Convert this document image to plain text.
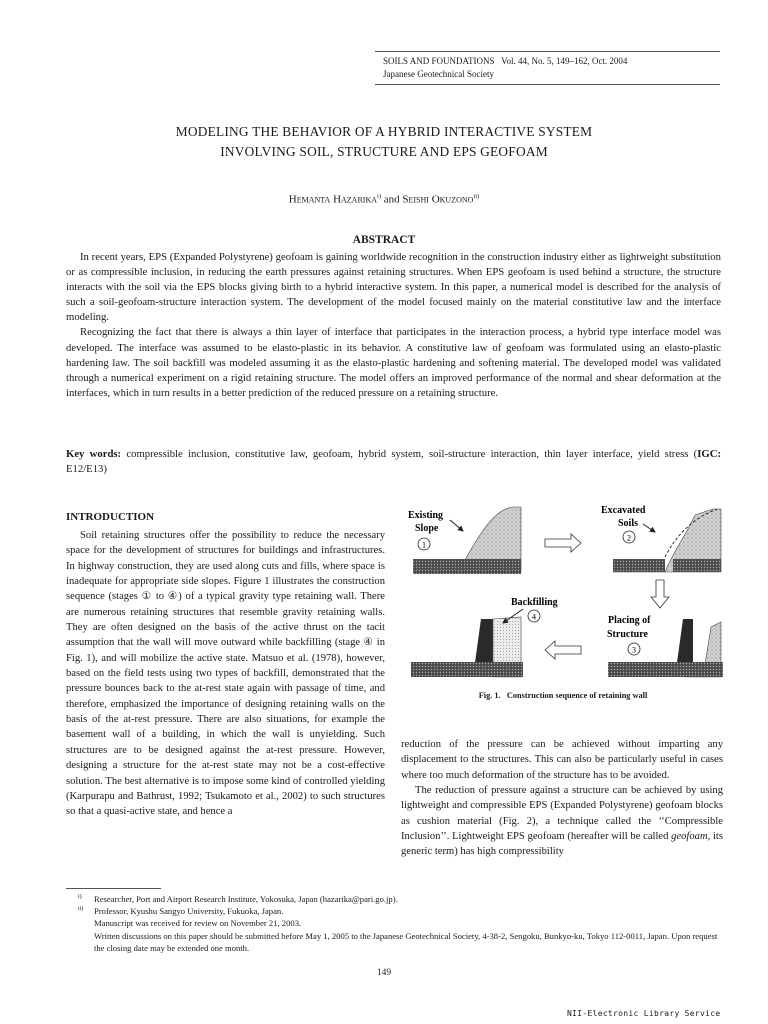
SOILS AND FOUNDATIONS   Vol. 44, No. 5, 149–162, Oct. 2004
Japanese Geotechnical Society
MODELING THE BEHAVIOR OF A HYBRID INTERACTIVE SYSTEM
INVOLVING SOIL, STRUCTURE AND EPS GEOFOAM
Hemanta Hazarika$^{i)}$ and Seishi Okuzono$^{ii)}$
ABSTRACT

In recent years, EPS (Expanded Polystyrene) geofoam is gaining worldwide recognition in the construction industry either as lightweight substitution or as compressible inclusion, in reducing the earth pressures against retaining structures. When EPS geofoam is used behind a structure, the structure interacts with the soil via the EPS blocks giving birth to a hybrid interactive system. In this paper, a numerical model is described for the analysis of such a soil-geofoam-structure interaction system. The development of the model focused mainly on the material constitutive law and the interface modeling.

Recognizing the fact that there is always a thin layer of interface that participates in the interaction process, a hybrid type interface model was developed. The interface was assumed to be elasto-plastic in its behavior. A constitutive law of geofoam was formulated using an elasto-plastic hardening law. The soil backfill was modeled assuming it as the elasto-plastic hardening and softening material. The developed model was validated through a numerical experiment on a rigid retaining structure. The model offers an improved performance of the normal and shear deformation at the interfaces, which in turn results in a better prediction of the reduced pressure on a retaining structure.

Key words: compressible inclusion, constitutive law, geofoam, hybrid system, soil-structure interaction, thin layer interface, yield stress (IGC: E12/E13)
INTRODUCTION

Soil retaining structures offer the possibility to reduce the necessary space for the development of structures for buildings and infrastructures. In highway construction, they are used along cuts and fills, where space is inadequate for appropriate side slopes. Figure 1 illustrates the construction sequence (stages ① to ④) of a typical gravity type retaining wall. There are numerous retaining structures that resemble gravity retaining walls. They are often designed on the basis of the active thrust on the tacit assumption that the wall will move outward while backfilling (stage ④ in Fig. 1), and will mobilize the active state. Matsuo et al. (1978), however, based on the field tests using two types of backfill, demonstrated that the pressure bounces back to the at-rest state again with passage of time, and therefore, emphasized the importance of designing retaining walls on the basis of the at-rest pressure. There are also situations, for example the basement wall of a building, in which the wall is unyielding. Such structures are to be designed against the at-rest pressure. However, designing a structure for the at-rest state may not be a cost-effective solution. The best alternative is to impose some kind of controlled yielding (Karpurapu and Bathrust, 1992; Tsukamoto et al., 2002) to such structures so that a quasi-active state, and hence a

Existing
Slope
1
Excavated
Soils
2
Placing of
Structure
3
Backfilling
4
Fig. 1. Construction sequence of retaining wall

reduction of the pressure can be achieved without imparting any displacement to the structures. This can also be particularly useful in cases where too much deformation of the structure has to be avoided.

The reduction of pressure against a structure can be achieved by using lightweight and compressible EPS (Expanded Polystyrene) geofoam blocks as cushion material (Fig. 2), a technique called the ‘‘Compressible Inclusion’’. Lightweight EPS geofoam (hereafter will be called geofoam, its generic term) has high compressibility

i) Researcher, Port and Airport Research Institute, Yokosuka, Japan (hazarika@pari.go.jp).
ii) Professor, Kyushu Sangyo University, Fukuoka, Japan.
Manuscript was received for review on November 21, 2003.
Written discussions on this paper should be submitted before May 1, 2005 to the Japanese Geotechnical Society, 4-38-2, Sengoku, Bunkyo-ku, Tokyo 112-0011, Japan. Upon request the closing date may be extended one month.
149
NII-Electronic Library Service
